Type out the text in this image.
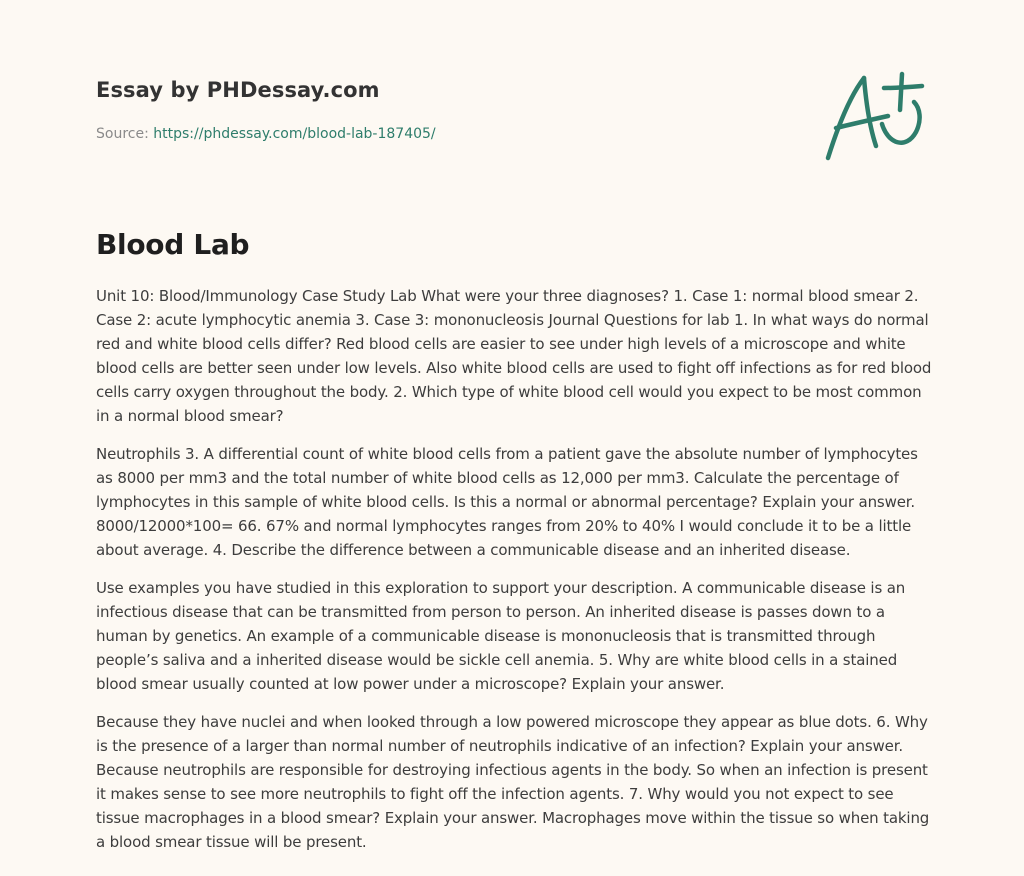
Essay by PHDessay.com
Source: https://phdessay.com/blood-lab-187405/
Blood Lab

Unit 10: Blood/Immunology Case Study Lab What were your three diagnoses? 1. Case 1: normal blood smear 2. Case 2: acute lymphocytic anemia 3. Case 3: mononucleosis Journal Questions for lab 1. In what ways do normal red and white blood cells differ? Red blood cells are easier to see under high levels of a microscope and white blood cells are better seen under low levels. Also white blood cells are used to fight off infections as for red blood cells carry oxygen throughout the body. 2. Which type of white blood cell would you expect to be most common in a normal blood smear?

Neutrophils 3. A differential count of white blood cells from a patient gave the absolute number of lymphocytes as 8000 per mm3 and the total number of white blood cells as 12,000 per mm3. Calculate the percentage of lymphocytes in this sample of white blood cells. Is this a normal or abnormal percentage? Explain your answer. 8000/12000*100= 66. 67% and normal lymphocytes ranges from 20% to 40% I would conclude it to be a little about average. 4. Describe the difference between a communicable disease and an inherited disease.

Use examples you have studied in this exploration to support your description. A communicable disease is an infectious disease that can be transmitted from person to person. An inherited disease is passes down to a human by genetics. An example of a communicable disease is mononucleosis that is transmitted through people’s saliva and a inherited disease would be sickle cell anemia. 5. Why are white blood cells in a stained blood smear usually counted at low power under a microscope? Explain your answer.

Because they have nuclei and when looked through a low powered microscope they appear as blue dots. 6. Why is the presence of a larger than normal number of neutrophils indicative of an infection? Explain your answer. Because neutrophils are responsible for destroying infectious agents in the body. So when an infection is present it makes sense to see more neutrophils to fight off the infection agents. 7. Why would you not expect to see tissue macrophages in a blood smear? Explain your answer. Macrophages move within the tissue so when taking a blood smear tissue will be present.
